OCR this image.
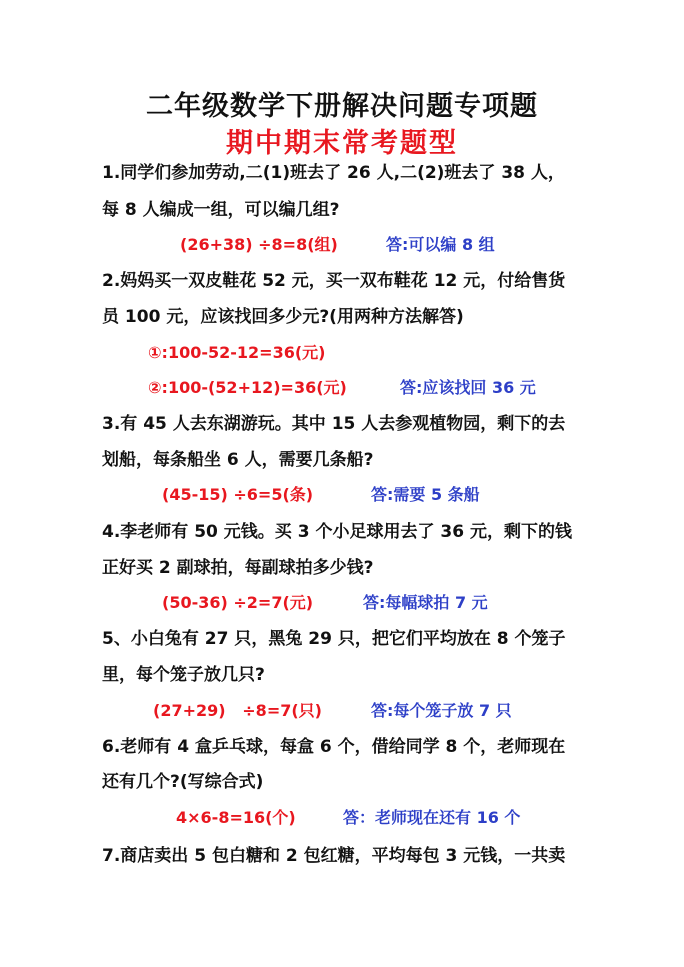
二年级数学下册解决问题专项题
期中期末常考题型
1.同学们参加劳动,二(1)班去了 26 人,二(2)班去了 38 人，
每 8 人编成一组，可以编几组?
(26+38) ÷8=8(组)	答:可以编 8 组
2.妈妈买一双皮鞋花 52 元，买一双布鞋花 12 元，付给售货
员 100 元，应该找回多少元?(用两种方法解答)
①:100-52-12=36(元)
②:100-(52+12)=36(元)	答:应该找回 36 元
3.有 45 人去东湖游玩。其中 15 人去参观植物园，剩下的去
划船，每条船坐 6 人，需要几条船?
(45-15) ÷6=5(条)	答:需要 5 条船
4.李老师有 50 元钱。买 3 个小足球用去了 36 元，剩下的钱
正好买 2 副球拍，每副球拍多少钱?
(50-36) ÷2=7(元)	答:每幅球拍 7 元
5、小白兔有 27 只，黑兔 29 只，把它们平均放在 8 个笼子
里，每个笼子放几只?
(27+29)   ÷8=7(只)	答:每个笼子放 7 只
6.老师有 4 盒乒乓球，每盒 6 个，借给同学 8 个，老师现在
还有几个?(写综合式)
4×6-8=16(个)	答：老师现在还有 16 个
7.商店卖出 5 包白糖和 2 包红糖，平均每包 3 元钱，一共卖
